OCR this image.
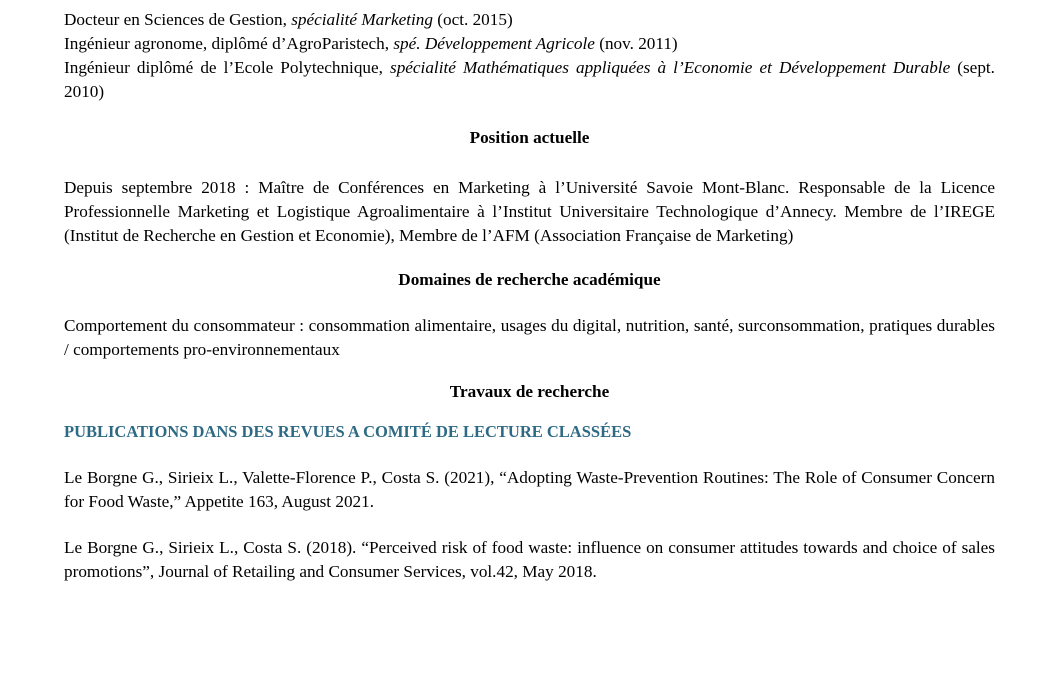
Docteur en Sciences de Gestion, spécialité Marketing (oct. 2015)

Ingénieur agronome, diplômé d’AgroParistech, spé. Développement Agricole (nov. 2011)

Ingénieur diplômé de l’Ecole Polytechnique, spécialité Mathématiques appliquées à l’Economie et Développement Durable (sept. 2010)

Position actuelle

Depuis septembre 2018 : Maître de Conférences en Marketing à l’Université Savoie Mont-Blanc. Responsable de la Licence Professionnelle Marketing et Logistique Agroalimentaire à l’Institut Universitaire Technologique d’Annecy. Membre de l’IREGE (Institut de Recherche en Gestion et Economie), Membre de l’AFM (Association Française de Marketing)

Domaines de recherche académique

Comportement du consommateur : consommation alimentaire, usages du digital, nutrition, santé, surconsommation, pratiques durables / comportements pro-environnementaux

Travaux de recherche
PUBLICATIONS DANS DES REVUES A COMITÉ DE LECTURE CLASSÉES

Le Borgne G., Sirieix L., Valette-Florence P., Costa S. (2021), “Adopting Waste-Prevention Routines: The Role of Consumer Concern for Food Waste,” Appetite 163, August 2021.

Le Borgne G., Sirieix L., Costa S. (2018). “Perceived risk of food waste: influence on consumer attitudes towards and choice of sales promotions”, Journal of Retailing and Consumer Services, vol.42, May 2018.
